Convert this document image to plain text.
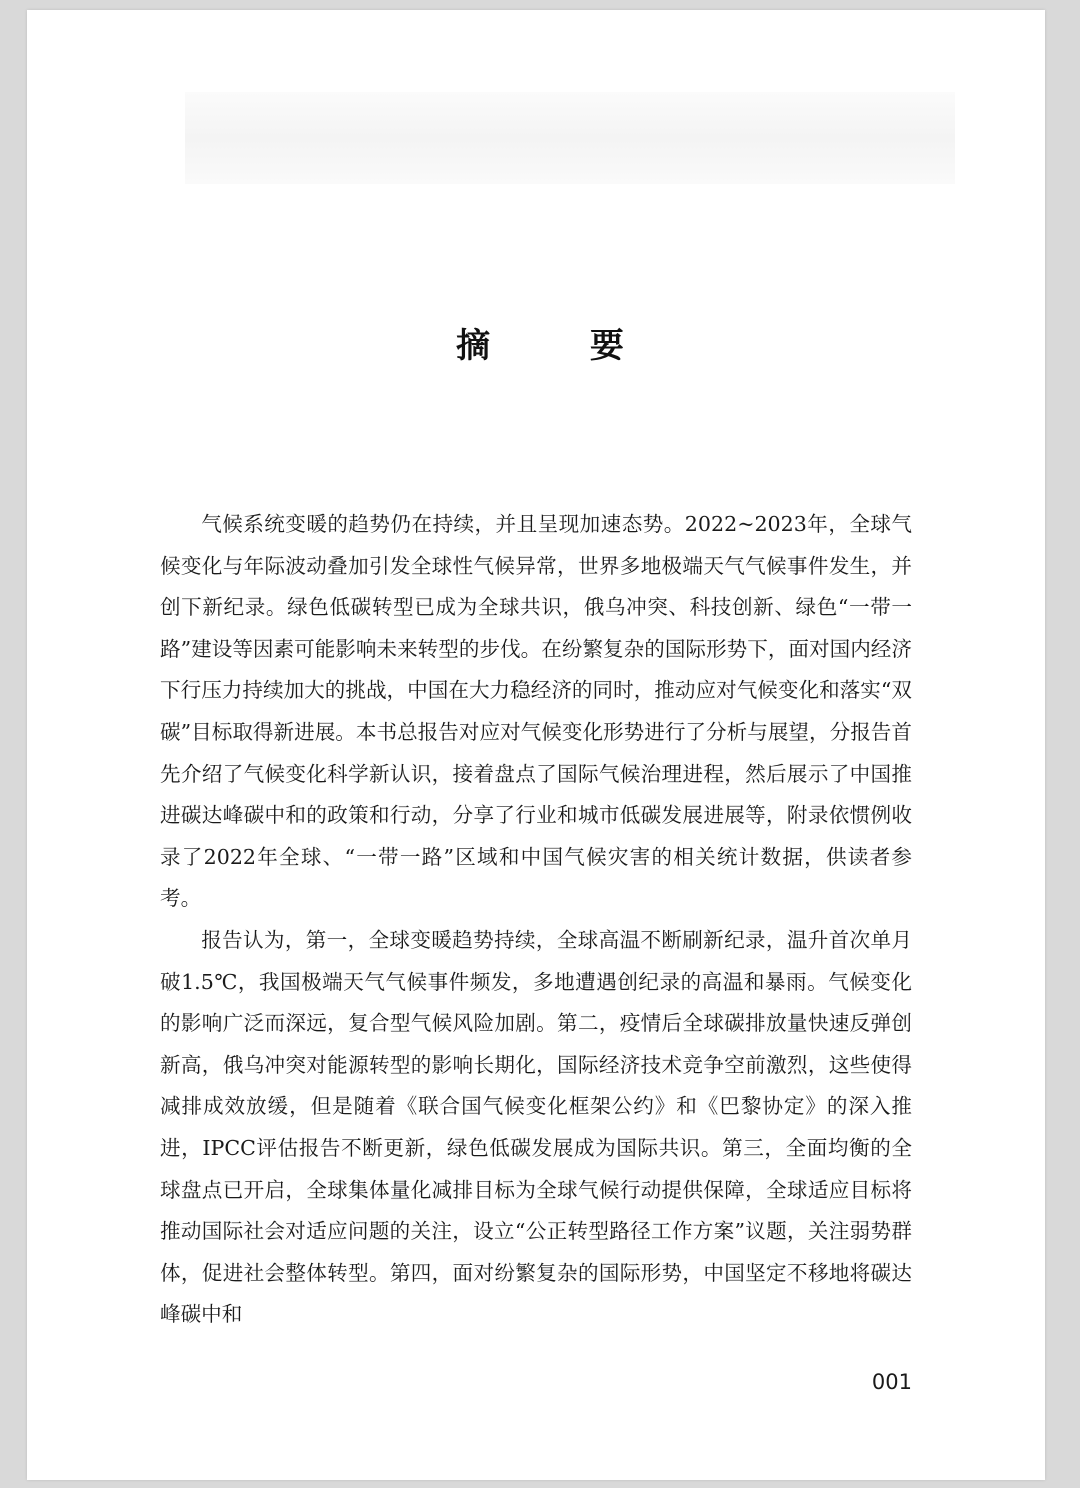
摘 要

气候系统变暖的趋势仍在持续，并且呈现加速态势。2022~2023年，全球气候变化与年际波动叠加引发全球性气候异常，世界多地极端天气气候事件发生，并创下新纪录。绿色低碳转型已成为全球共识，俄乌冲突、科技创新、绿色“一带一路”建设等因素可能影响未来转型的步伐。在纷繁复杂的国际形势下，面对国内经济下行压力持续加大的挑战，中国在大力稳经济的同时，推动应对气候变化和落实“双碳”目标取得新进展。本书总报告对应对气候变化形势进行了分析与展望，分报告首先介绍了气候变化科学新认识，接着盘点了国际气候治理进程，然后展示了中国推进碳达峰碳中和的政策和行动，分享了行业和城市低碳发展进展等，附录依惯例收录了2022年全球、“一带一路”区域和中国气候灾害的相关统计数据，供读者参考。

报告认为，第一，全球变暖趋势持续，全球高温不断刷新纪录，温升首次单月破1.5℃，我国极端天气气候事件频发，多地遭遇创纪录的高温和暴雨。气候变化的影响广泛而深远，复合型气候风险加剧。第二，疫情后全球碳排放量快速反弹创新高，俄乌冲突对能源转型的影响长期化，国际经济技术竞争空前激烈，这些使得减排成效放缓，但是随着《联合国气候变化框架公约》和《巴黎协定》的深入推进，IPCC评估报告不断更新，绿色低碳发展成为国际共识。第三，全面均衡的全球盘点已开启，全球集体量化减排目标为全球气候行动提供保障，全球适应目标将推动国际社会对适应问题的关注，设立“公正转型路径工作方案”议题，关注弱势群体，促进社会整体转型。第四，面对纷繁复杂的国际形势，中国坚定不移地将碳达峰碳中和

001
